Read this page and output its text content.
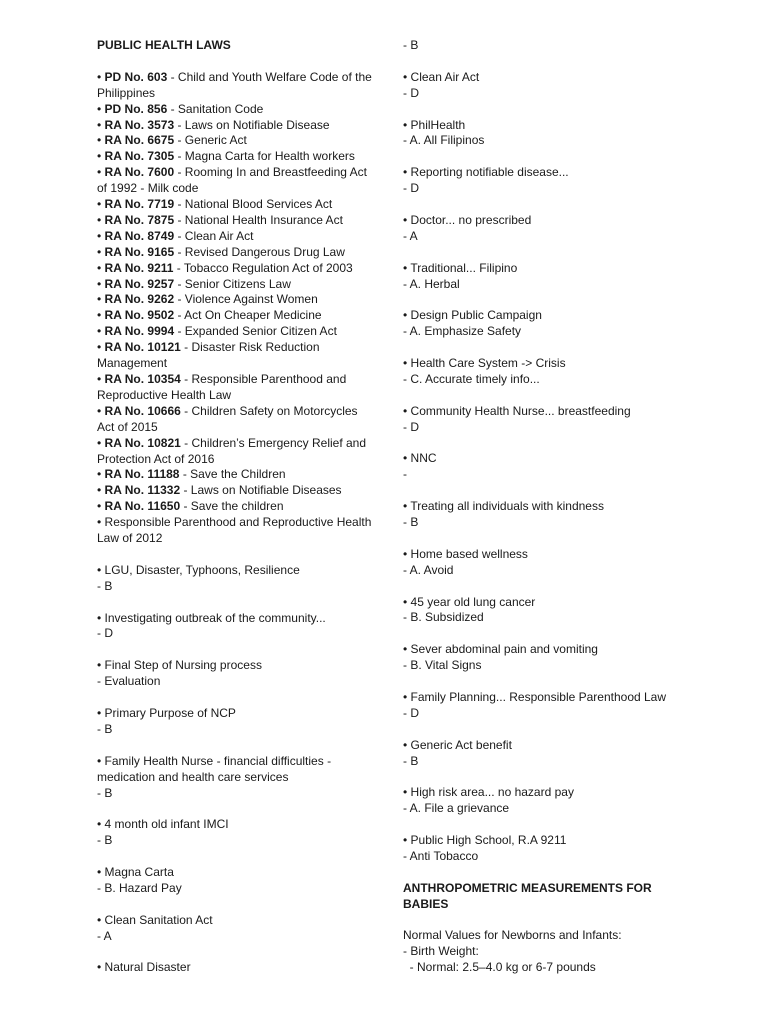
PUBLIC HEALTH LAWS

• PD No. 603 - Child and Youth Welfare Code of the Philippines

• PD No. 856 - Sanitation Code

• RA No. 3573 - Laws on Notifiable Disease

• RA No. 6675 - Generic Act

• RA No. 7305 - Magna Carta for Health workers

• RA No. 7600 - Rooming In and Breastfeeding Act of 1992 - Milk code

• RA No. 7719 - National Blood Services Act

• RA No. 7875 - National Health Insurance Act

• RA No. 8749 - Clean Air Act

• RA No. 9165 - Revised Dangerous Drug Law

• RA No. 9211 - Tobacco Regulation Act of 2003

• RA No. 9257 - Senior Citizens Law

• RA No. 9262 - Violence Against Women

• RA No. 9502 - Act On Cheaper Medicine

• RA No. 9994 - Expanded Senior Citizen Act

• RA No. 10121 - Disaster Risk Reduction Management

• RA No. 10354 - Responsible Parenthood and Reproductive Health Law

• RA No. 10666 - Children Safety on Motorcycles Act of 2015

• RA No. 10821 - Children’s Emergency Relief and Protection Act of 2016

• RA No. 11188 - Save the Children

• RA No. 11332 - Laws on Notifiable Diseases

• RA No. 11650 - Save the children

• Responsible Parenthood and Reproductive Health Law of 2012

• LGU, Disaster, Typhoons, Resilience

- B

• Investigating outbreak of the community...

- D

• Final Step of Nursing process

- Evaluation

• Primary Purpose of NCP

- B

• Family Health Nurse - financial difficulties - medication and health care services

- B

• 4 month old infant IMCI

- B

• Magna Carta

- B. Hazard Pay

• Clean Sanitation Act

- A

• Natural Disaster

- B

• Clean Air Act

- D

• PhilHealth

- A. All Filipinos

• Reporting notifiable disease...

- D

• Doctor... no prescribed

- A

• Traditional... Filipino

- A. Herbal

• Design Public Campaign

- A. Emphasize Safety

• Health Care System -> Crisis

- C. Accurate timely info...

• Community Health Nurse... breastfeeding

- D

• NNC

-

• Treating all individuals with kindness

- B

• Home based wellness

- A. Avoid

• 45 year old lung cancer

- B. Subsidized

• Sever abdominal pain and vomiting

- B. Vital Signs

• Family Planning... Responsible Parenthood Law

- D

• Generic Act benefit

- B

• High risk area... no hazard pay

- A. File a grievance

• Public High School, R.A 9211

- Anti Tobacco

ANTHROPOMETRIC MEASUREMENTS FOR BABIES

Normal Values for Newborns and Infants:

- Birth Weight:

- Normal: 2.5–4.0 kg or 6-7 pounds
